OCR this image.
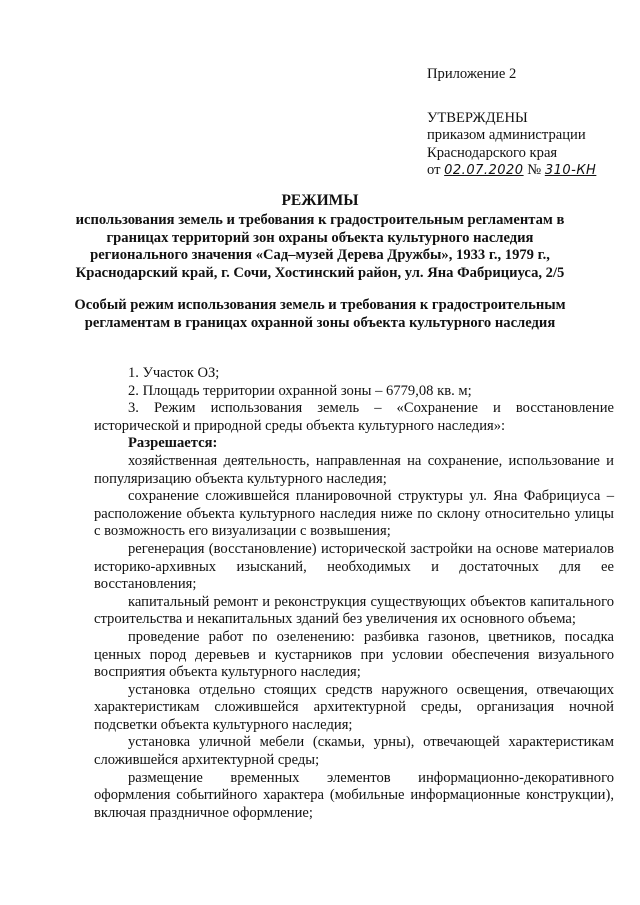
Приложение 2
УТВЕРЖДЕНЫ
приказом администрации
Краснодарского края
от 02.07.2020 № 310-КН
РЕЖИМЫ
использования земель и требования к градостроительным регламентам в границах территорий зон охраны объекта культурного наследия регионального значения «Сад–музей Дерева Дружбы», 1933 г., 1979 г., Краснодарский край, г. Сочи, Хостинский район, ул. Яна Фабрициуса, 2/5
Особый режим использования земель и требования к градостроительным регламентам в границах охранной зоны объекта культурного наследия

1. Участок ОЗ;

2. Площадь территории охранной зоны – 6779,08 кв. м;

3. Режим использования земель – «Сохранение и восстановление исторической и природной среды объекта культурного наследия»:

Разрешается:

хозяйственная деятельность, направленная на сохранение, использование и популяризацию объекта культурного наследия;

сохранение сложившейся планировочной структуры ул. Яна Фабрициуса – расположение объекта культурного наследия ниже по склону относительно улицы с возможность его визуализации с возвышения;

регенерация (восстановление) исторической застройки на основе материалов историко-архивных изысканий, необходимых и достаточных для ее восстановления;

капитальный ремонт и реконструкция существующих объектов капитального строительства и некапитальных зданий без увеличения их основного объема;

проведение работ по озеленению: разбивка газонов, цветников, посадка ценных пород деревьев и кустарников при условии обеспечения визуального восприятия объекта культурного наследия;

установка отдельно стоящих средств наружного освещения, отвечающих характеристикам сложившейся архитектурной среды, организация ночной подсветки объекта культурного наследия;

установка уличной мебели (скамьи, урны), отвечающей характеристикам сложившейся архитектурной среды;

размещение временных элементов информационно-декоративного оформления событийного характера (мобильные информационные конструкции), включая праздничное оформление;
